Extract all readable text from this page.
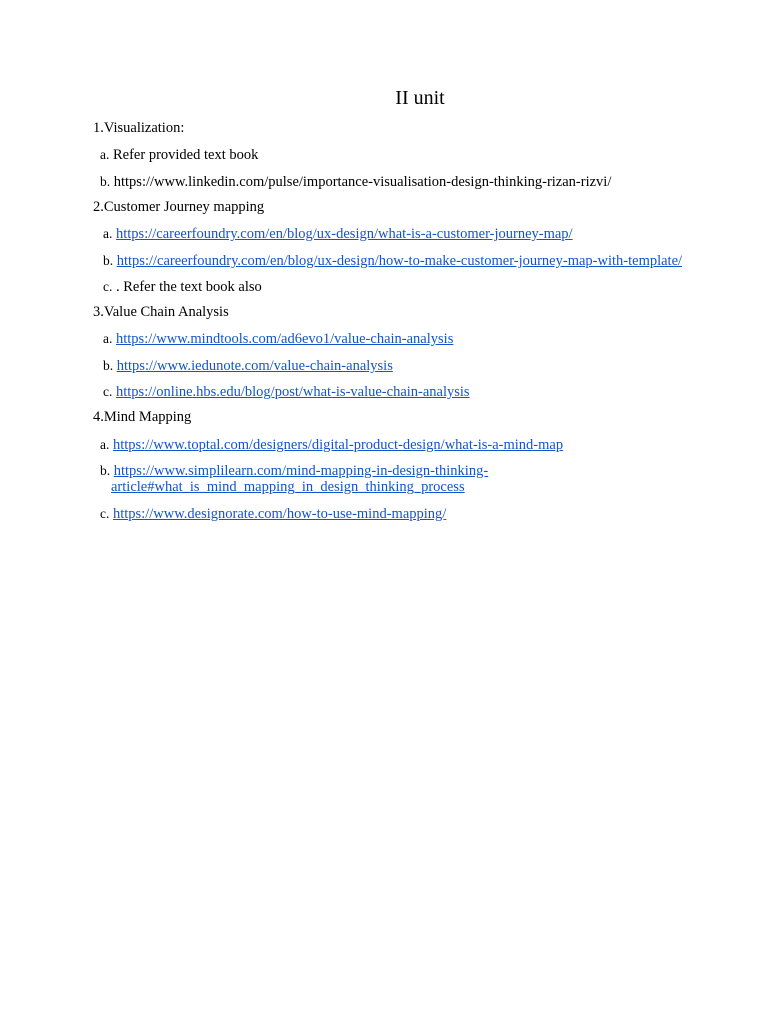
II unit
1.Visualization:
a. Refer provided text book
b. https://www.linkedin.com/pulse/importance-visualisation-design-thinking-rizan-rizvi/
2.Customer Journey mapping
a. https://careerfoundry.com/en/blog/ux-design/what-is-a-customer-journey-map/
b. https://careerfoundry.com/en/blog/ux-design/how-to-make-customer-journey-map-with-template/
c. . Refer the text book also
3.Value Chain Analysis
a. https://www.mindtools.com/ad6evo1/value-chain-analysis
b. https://www.iedunote.com/value-chain-analysis
c. https://online.hbs.edu/blog/post/what-is-value-chain-analysis
4.Mind Mapping
a. https://www.toptal.com/designers/digital-product-design/what-is-a-mind-map
b. https://www.simplilearn.com/mind-mapping-in-design-thinking-
article#what_is_mind_mapping_in_design_thinking_process
c. https://www.designorate.com/how-to-use-mind-mapping/
